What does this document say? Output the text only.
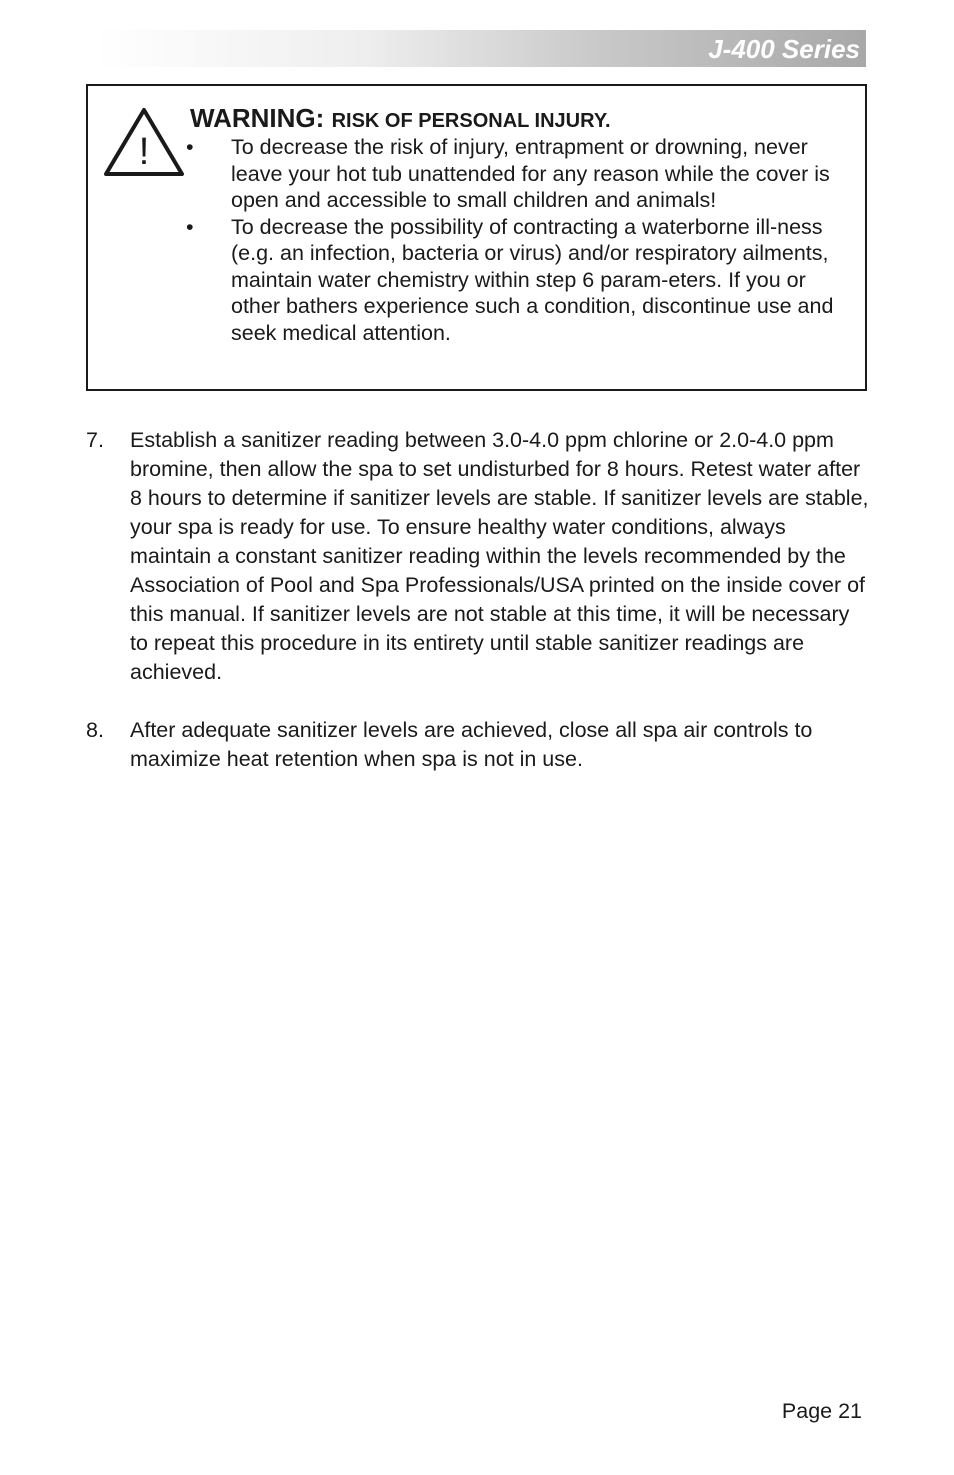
J-400 Series
!
WARNING: RISK OF PERSONAL INJURY.
• To decrease the risk of injury, entrapment or drowning, never leave your hot tub unattended for any reason while the cover is open and accessible to small children and animals!
• To decrease the possibility of contracting a waterborne ill-ness (e.g. an infection, bacteria or virus) and/or respiratory ailments, maintain water chemistry within step 6 param-eters. If you or other bathers experience such a condition, discontinue use and seek medical attention.
7. Establish a sanitizer reading between 3.0-4.0 ppm chlorine or 2.0-4.0 ppm bromine, then allow the spa to set undisturbed for 8 hours. Retest water after 8 hours to determine if sanitizer levels are stable. If sanitizer levels are stable, your spa is ready for use. To ensure healthy water conditions, always maintain a constant sanitizer reading within the levels recommended by the Association of Pool and Spa Professionals/USA printed on the inside cover of this manual. If sanitizer levels are not stable at this time, it will be necessary to repeat this procedure in its entirety until stable sanitizer readings are achieved.
8. After adequate sanitizer levels are achieved, close all spa air controls to maximize heat retention when spa is not in use.
Page 21
